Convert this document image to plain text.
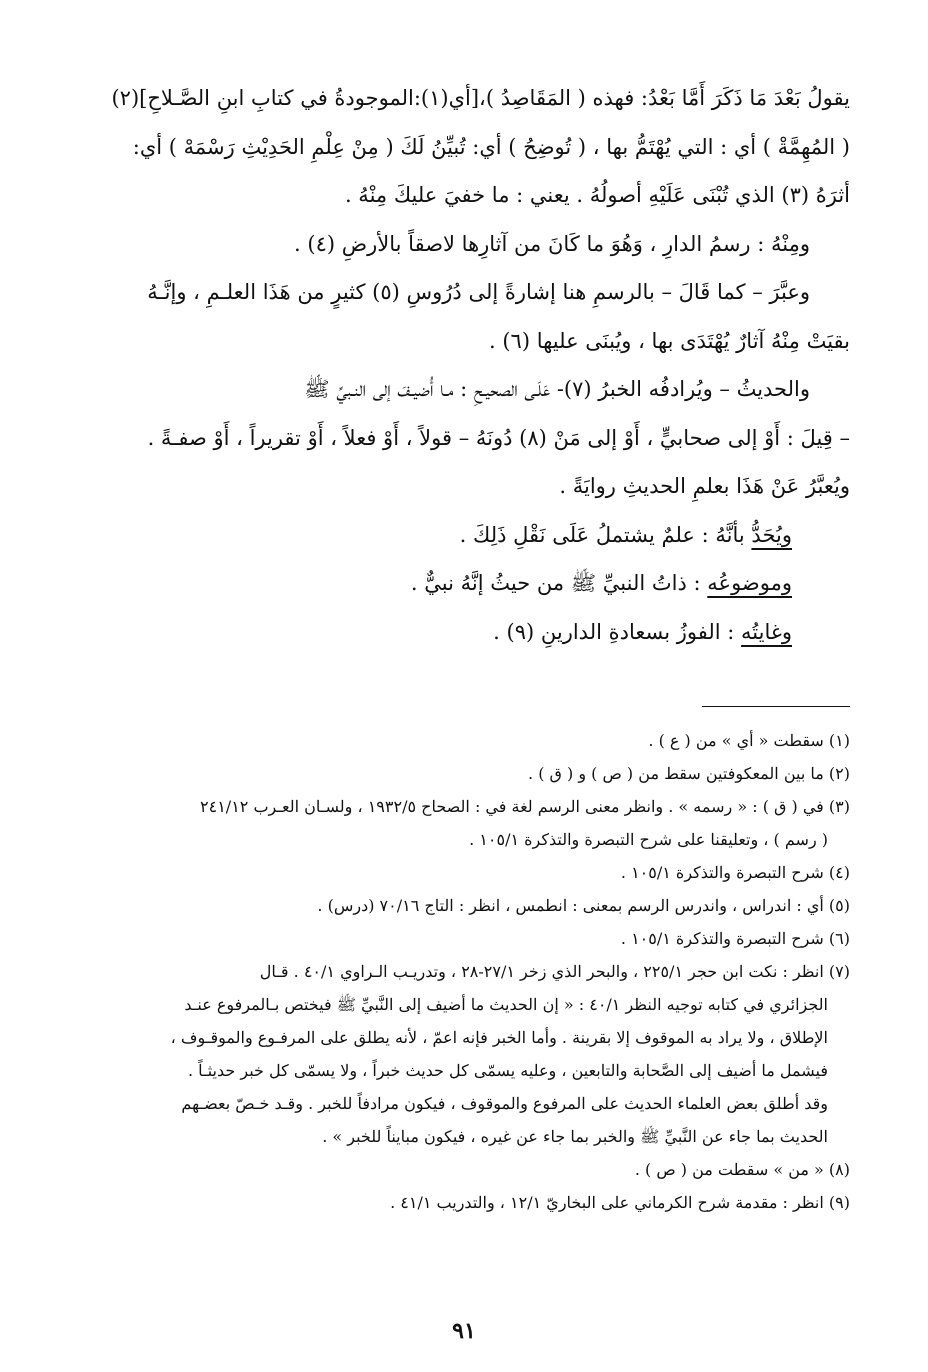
يقولُ بَعْدَ مَا ذَكَرَ أَمَّا بَعْدُ: فهذه ( المَقَاصِدُ )،[أي(١):الموجودةُ في كتابِ ابنِ الصَّـلاحِ](٢)
( المُهِمَّةْ ) أي : التي يُهْتَمُّ بها ، ( تُوضِحُ ) أي: تُبيِّنُ لَكَ ( مِنْ عِلْمِ الحَدِيْثِ رَسْمَهْ ) أي:
أثرَهُ (٣) الذي تُبْنَى عَلَيْهِ أصولُهُ . يعني : ما خفيَ عليكَ مِنْهُ .
ومِنْهُ : رسمُ الدارِ ، وَهُوَ ما كَانَ من آثارِها لاصقاً بالأرضِ (٤) .
وعبَّرَ – كما قَالَ – بالرسمِ هنا إشارةً إلى دُرُوسِ (٥) كثيرٍ من هَذَا العلـمِ ، وإنَّـهُ
بقيَتْ مِنْهُ آثارٌ يُهْتَدَى بها ، ويُبنَى عليها (٦) .
والحديثُ – ويُرادفُه الخبرُ (٧)- عَلَـى الصحيـحِ : مـا أُضيـفَ إلى النـبيِّ ﷺ
– قِيلَ : أَوْ إلى صحابيٍّ ، أَوْ إلى مَنْ (٨) دُونَهُ – قولاً ، أَوْ فعلاً ، أَوْ تقريراً ، أَوْ صفـةً .
ويُعبَّرُ عَنْ هَذَا بعلمِ الحديثِ روايَةً .
ويُحَدُّ بأنَّهُ : علمٌ يشتملُ عَلَى نَقْلِ ذَلِكَ .
وموضوعُه : ذاتُ النبيِّ ﷺ من حيثُ إنَّهُ نبيٌّ .
وغايتُه : الفوزُ بسعادةِ الدارينِ (٩) .
(١) سقطت « أي » من ( ع ) .
(٢) ما بين المعكوفتين سقط من ( ص ) و ( ق ) .
(٣) في ( ق ) : « رسمه » . وانظر معنى الرسم لغة في : الصحاح ١٩٣٢/٥ ، ولسـان العـرب ٢٤١/١٢
( رسم ) ، وتعليقنا على شرح التبصرة والتذكرة ١٠٥/١ .
(٤) شرح التبصرة والتذكرة ١٠٥/١ .
(٥) أي : اندراس ، واندرس الرسم بمعنى : انطمس ، انظر : التاج ٧٠/١٦ (درس) .
(٦) شرح التبصرة والتذكرة ١٠٥/١ .
(٧) انظر : نكت ابن حجر ٢٢٥/١ ، والبحر الذي زخر ٢٧/١-٢٨ ، وتدريـب الـراوي ٤٠/١ . قـال
الجزائري في كتابه توجيه النظر ٤٠/١ : « إن الحديث ما أضيف إلى النَّبيِّ ﷺ فيختص بـالمرفوع عنـد
الإطلاق ، ولا يراد به الموقوف إلا بقرينة . وأما الخبر فإنه اعمّ ، لأنه يطلق على المرفـوع والموقـوف ،
فيشمل ما أضيف إلى الصَّحابة والتابعين ، وعليه يسمّى كل حديث خبراً ، ولا يسمّى كل خبر حديثـاً .
وقد أطلق بعض العلماء الحديث على المرفوع والموقوف ، فيكون مرادفاً للخبر . وقـد خـصّ بعضـهم
الحديث بما جاء عن النَّبيِّ ﷺ والخبر بما جاء عن غيره ، فيكون مبايناً للخبر » .
(٨) « من » سقطت من ( ص ) .
(٩) انظر : مقدمة شرح الكرماني على البخاريّ ١٢/١ ، والتدريب ٤١/١ .
٩١
